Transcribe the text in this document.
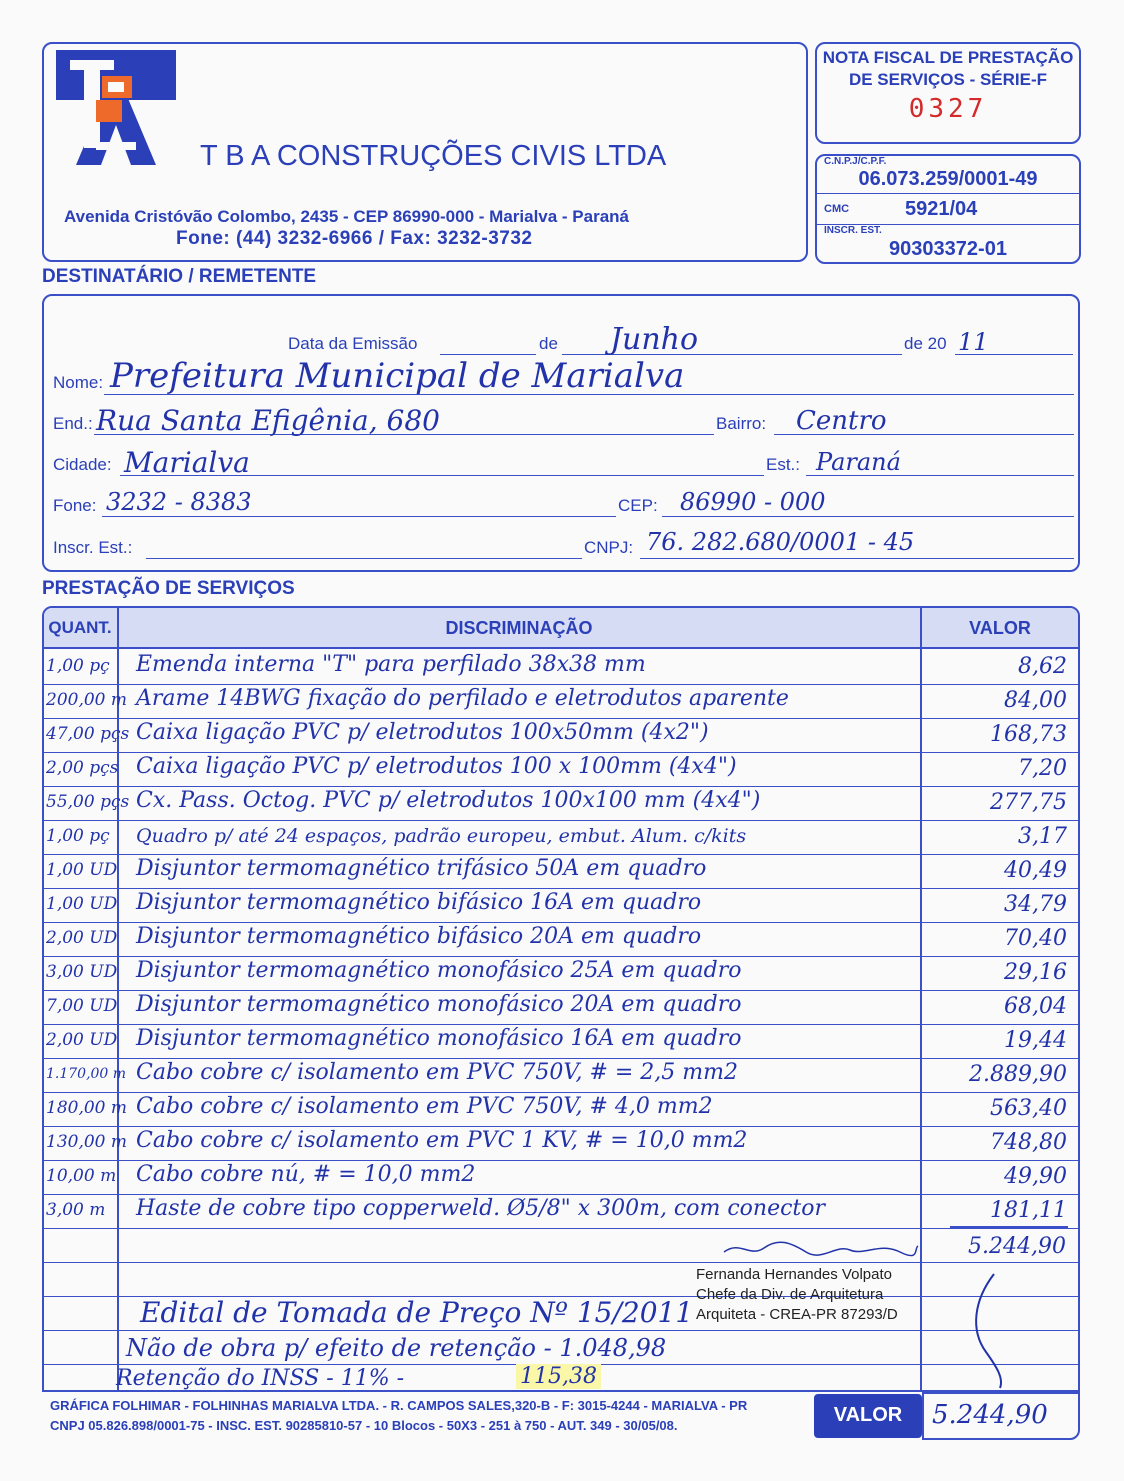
T B A CONSTRUÇÕES CIVIS LTDA
Avenida Cristóvão Colombo, 2435 - CEP 86990-000 - Marialva - Paraná
Fone: (44) 3232-6966 / Fax: 3232-3732
NOTA FISCAL DE PRESTAÇÃO
DE SERVIÇOS - SÉRIE-F
0327
C.N.P.J/C.P.F.
06.073.259/0001-49
CMC	5921/04
INSCR. EST.
90303372-01
DESTINATÁRIO / REMETENTE
Data da Emissão	de Junho	de 20 11
Nome: Prefeitura Municipal de Marialva
End.: Rua Santa Efigênia, 680	Bairro: Centro
Cidade: Marialva	Est.: Paraná
Fone: 3232 - 8383	CEP: 86990 - 000
Inscr. Est.:	CNPJ: 76. 282.680/0001 - 45
PRESTAÇÃO DE SERVIÇOS
QUANT.	DISCRIMINAÇÃO	VALOR
1,00 pç Emenda interna "T" para perfilado 38x38 mm	8,62
200,00 m Arame 14BWG fixação do perfilado e eletrodutos aparente	84,00
47,00 pçs Caixa ligação PVC p/ eletrodutos 100x50mm (4x2")	168,73
2,00 pçs Caixa ligação PVC p/ eletrodutos 100 x 100mm (4x4")	7,20
55,00 pçs Cx. Pass. Octog. PVC p/ eletrodutos 100x100 mm (4x4")	277,75
1,00 pç Quadro p/ até 24 espaços, padrão europeu, embut. Alum. c/kits	3,17
1,00 UD Disjuntor termomagnético trifásico 50A em quadro	40,49
1,00 UD Disjuntor termomagnético bifásico 16A em quadro	34,79
2,00 UD Disjuntor termomagnético bifásico 20A em quadro	70,40
3,00 UD Disjuntor termomagnético monofásico 25A em quadro	29,16
7,00 UD Disjuntor termomagnético monofásico 20A em quadro	68,04
2,00 UD Disjuntor termomagnético monofásico 16A em quadro	19,44
1.170,00 m Cabo cobre c/ isolamento em PVC 750V, # = 2,5 mm2	2.889,90
180,00 m Cabo cobre c/ isolamento em PVC 750V, # 4,0 mm2	563,40
130,00 m Cabo cobre c/ isolamento em PVC 1 KV, # = 10,0 mm2	748,80
10,00 m Cabo cobre nú, # = 10,0 mm2	49,90
3,00 m Haste de cobre tipo copperweld. Ø5/8" x 300m, com conector	181,11
5.244,90
Fernanda Hernandes Volpato
Chefe da Div. de Arquitetura
Arquiteta - CREA-PR 87293/D
Edital de Tomada de Preço Nº 15/2011
Não de obra p/ efeito de retenção - 1.048,98
Retenção do INSS - 11% -	115,38
GRÁFICA FOLHIMAR - FOLHINHAS MARIALVA LTDA. - R. CAMPOS SALES,320-B - F: 3015-4244 - MARIALVA - PR
CNPJ 05.826.898/0001-75 - INSC. EST. 90285810-57 - 10 Blocos - 50X3 - 251 à 750 - AUT. 349 - 30/05/08.	VALOR	5.244,90
